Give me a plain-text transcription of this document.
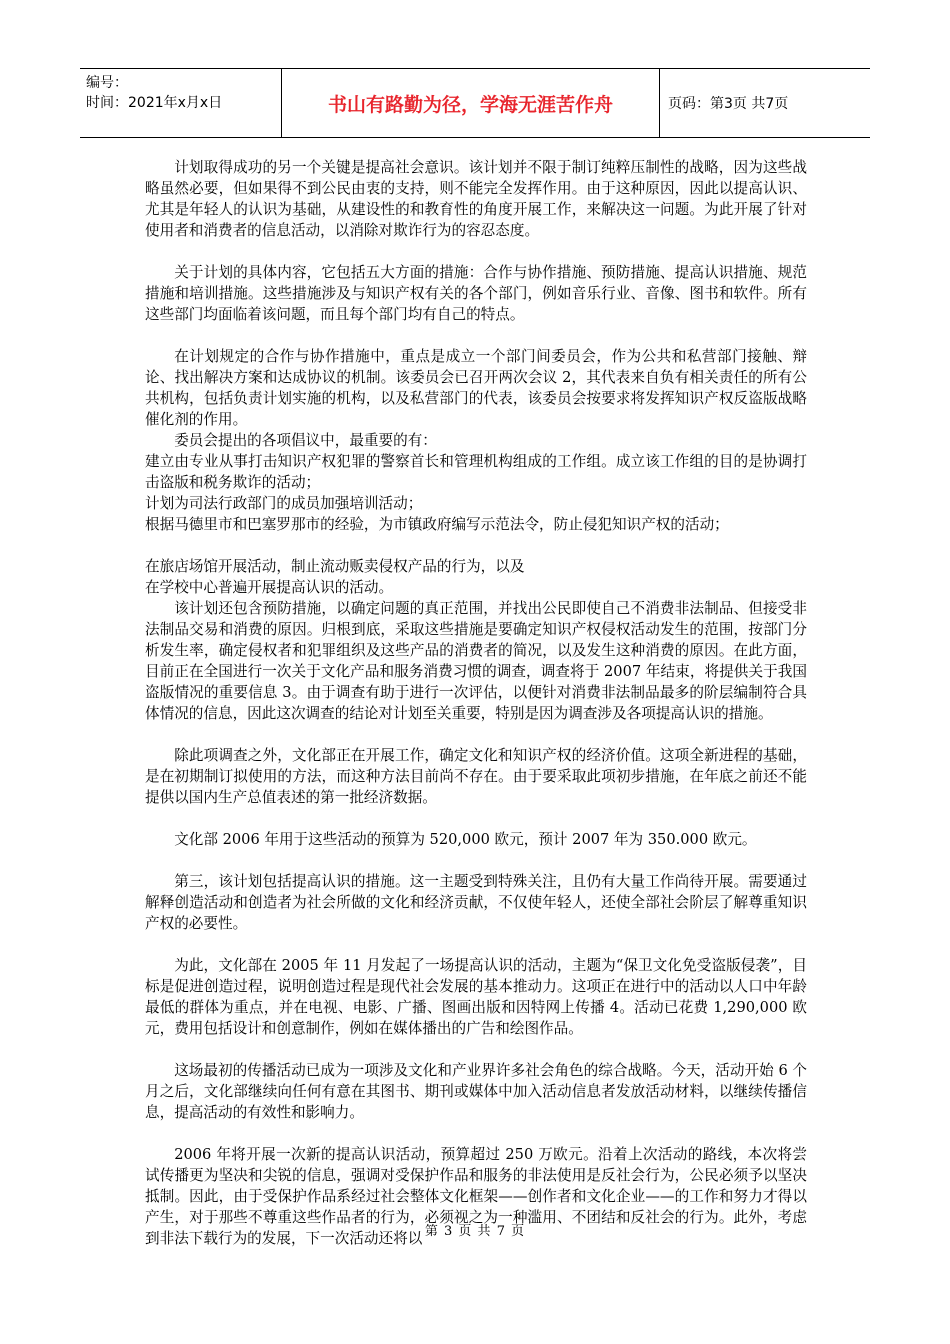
编号：
时间：2021年x月x日	书山有路勤为径，学海无涯苦作舟	页码：第3页 共7页

计划取得成功的另一个关键是提高社会意识。该计划并不限于制订纯粹压制性的战略，因为这些战略虽然必要，但如果得不到公民由衷的支持，则不能完全发挥作用。由于这种原因，因此以提高认识、尤其是年轻人的认识为基础，从建设性的和教育性的角度开展工作，来解决这一问题。为此开展了针对使用者和消费者的信息活动，以消除对欺诈行为的容忍态度。

关于计划的具体内容，它包括五大方面的措施：合作与协作措施、预防措施、提高认识措施、规范措施和培训措施。这些措施涉及与知识产权有关的各个部门，例如音乐行业、音像、图书和软件。所有这些部门均面临着该问题，而且每个部门均有自己的特点。

在计划规定的合作与协作措施中，重点是成立一个部门间委员会，作为公共和私营部门接触、辩论、找出解决方案和达成协议的机制。该委员会已召开两次会议 2，其代表来自负有相关责任的所有公共机构，包括负责计划实施的机构，以及私营部门的代表，该委员会按要求将发挥知识产权反盗版战略催化剂的作用。

委员会提出的各项倡议中，最重要的有：

建立由专业从事打击知识产权犯罪的警察首长和管理机构组成的工作组。成立该工作组的目的是协调打击盗版和税务欺诈的活动；

计划为司法行政部门的成员加强培训活动；

根据马德里市和巴塞罗那市的经验，为市镇政府编写示范法令，防止侵犯知识产权的活动；

在旅店场馆开展活动，制止流动贩卖侵权产品的行为，以及

在学校中心普遍开展提高认识的活动。

该计划还包含预防措施，以确定问题的真正范围，并找出公民即使自己不消费非法制品、但接受非法制品交易和消费的原因。归根到底，采取这些措施是要确定知识产权侵权活动发生的范围，按部门分析发生率，确定侵权者和犯罪组织及这些产品的消费者的简况，以及发生这种消费的原因。在此方面，目前正在全国进行一次关于文化产品和服务消费习惯的调查，调查将于 2007 年结束，将提供关于我国盗版情况的重要信息 3。由于调查有助于进行一次评估，以便针对消费非法制品最多的阶层编制符合具体情况的信息，因此这次调查的结论对计划至关重要，特别是因为调查涉及各项提高认识的措施。

除此项调查之外，文化部正在开展工作，确定文化和知识产权的经济价值。这项全新进程的基础，是在初期制订拟使用的方法，而这种方法目前尚不存在。由于要采取此项初步措施，在年底之前还不能提供以国内生产总值表述的第一批经济数据。

文化部 2006 年用于这些活动的预算为 520,000 欧元，预计 2007 年为 350.000 欧元。

第三，该计划包括提高认识的措施。这一主题受到特殊关注，且仍有大量工作尚待开展。需要通过解释创造活动和创造者为社会所做的文化和经济贡献，不仅使年轻人，还使全部社会阶层了解尊重知识产权的必要性。

为此，文化部在 2005 年 11 月发起了一场提高认识的活动，主题为“保卫文化免受盗版侵袭”，目标是促进创造过程，说明创造过程是现代社会发展的基本推动力。这项正在进行中的活动以人口中年龄最低的群体为重点，并在电视、电影、广播、图画出版和因特网上传播 4。活动已花费 1,290,000 欧元，费用包括设计和创意制作，例如在媒体播出的广告和绘图作品。

这场最初的传播活动已成为一项涉及文化和产业界许多社会角色的综合战略。今天，活动开始 6 个月之后，文化部继续向任何有意在其图书、期刊或媒体中加入活动信息者发放活动材料，以继续传播信息，提高活动的有效性和影响力。

2006 年将开展一次新的提高认识活动，预算超过 250 万欧元。沿着上次活动的路线，本次将尝试传播更为坚决和尖锐的信息，强调对受保护作品和服务的非法使用是反社会行为，公民必须予以坚决抵制。因此，由于受保护作品系经过社会整体文化框架——创作者和文化企业——的工作和努力才得以产生，对于那些不尊重这些作品者的行为，必须视之为一种滥用、不团结和反社会的行为。此外，考虑到非法下载行为的发展，下一次活动还将以 第 3 页 共 7 页
